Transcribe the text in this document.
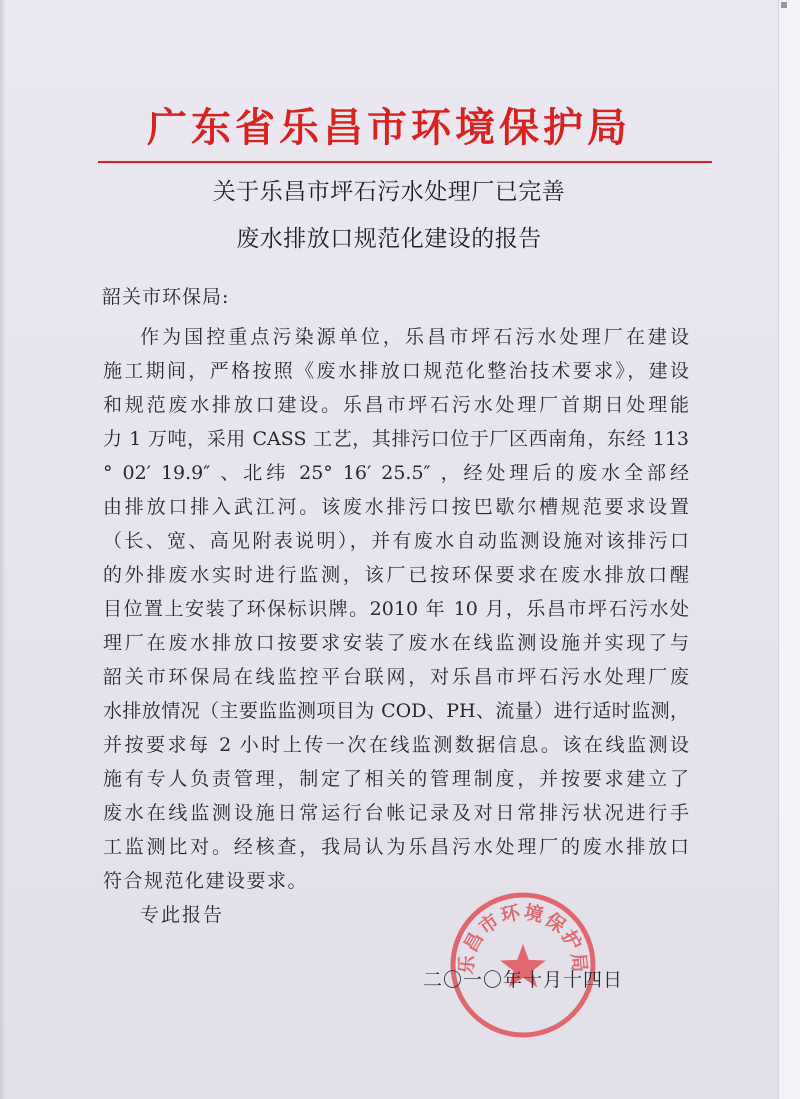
广东省乐昌市环境保护局
关于乐昌市坪石污水处理厂已完善
废水排放口规范化建设的报告
韶关市环保局:
作为国控重点污染源单位，乐昌市坪石污水处理厂在建设
施工期间，严格按照《废水排放口规范化整治技术要求》，建设
和规范废水排放口建设。乐昌市坪石污水处理厂首期日处理能
力 1 万吨，采用 CASS 工艺，其排污口位于厂区西南角，东经 113
° 02′ 19.9″ 、北纬 25° 16′ 25.5″ ，经处理后的废水全部经
由排放口排入武江河。该废水排污口按巴歇尔槽规范要求设置
（长、宽、高见附表说明），并有废水自动监测设施对该排污口
的外排废水实时进行监测，该厂已按环保要求在废水排放口醒
目位置上安装了环保标识牌。2010 年 10 月，乐昌市坪石污水处
理厂在废水排放口按要求安装了废水在线监测设施并实现了与
韶关市环保局在线监控平台联网，对乐昌市坪石污水处理厂废
水排放情况（主要监监测项目为 COD、PH、流量）进行适时监测，
并按要求每 2 小时上传一次在线监测数据信息。该在线监测设
施有专人负责管理，制定了相关的管理制度，并按要求建立了
废水在线监测设施日常运行台帐记录及对日常排污状况进行手
工监测比对。经核查，我局认为乐昌污水处理厂的废水排放口
符合规范化建设要求。
专此报告
乐昌市环境保护局
二〇一〇年十月十四日
